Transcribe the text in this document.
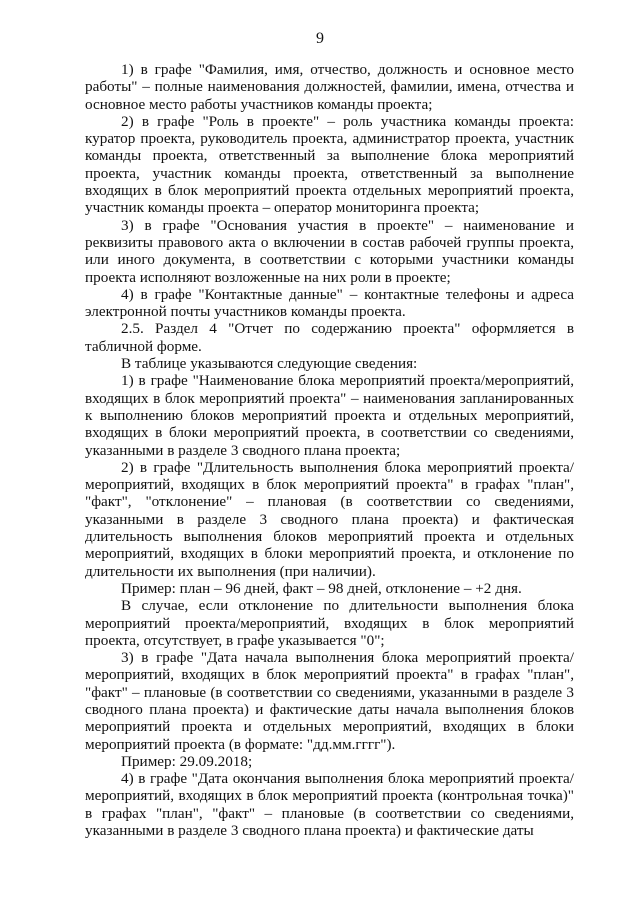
9

1) в графе "Фамилия, имя, отчество, должность и основное место работы" – полные наименования должностей, фамилии, имена, отчества и основное место работы участников команды проекта;

2) в графе "Роль в проекте" – роль участника команды проекта: куратор проекта, руководитель проекта, администратор проекта, участник команды проекта, ответственный за выполнение блока мероприятий проекта, участник команды проекта, ответственный за выполнение входящих в блок мероприятий проекта отдельных мероприятий проекта, участник команды проекта – оператор мониторинга проекта;

3) в графе "Основания участия в проекте" – наименование и реквизиты правового акта о включении в состав рабочей группы проекта, или иного документа, в соответствии с которыми участники команды проекта исполняют возложенные на них роли в проекте;

4) в графе "Контактные данные" – контактные телефоны и адреса электронной почты участников команды проекта.

2.5. Раздел 4 "Отчет по содержанию проекта" оформляется в табличной форме.

В таблице указываются следующие сведения:

1) в графе "Наименование блока мероприятий проекта/мероприятий, входящих в блок мероприятий проекта" – наименования запланированных к выполнению блоков мероприятий проекта и отдельных мероприятий, входящих в блоки мероприятий проекта, в соответствии со сведениями, указанными в разделе 3 сводного плана проекта;

2) в графе "Длительность выполнения блока мероприятий проекта/ мероприятий, входящих в блок мероприятий проекта" в графах "план", "факт", "отклонение" – плановая (в соответствии со сведениями, указанными в разделе 3 сводного плана проекта) и фактическая длительность выполнения блоков мероприятий проекта и отдельных мероприятий, входящих в блоки мероприятий проекта, и отклонение по длительности их выполнения (при наличии).

Пример: план – 96 дней, факт – 98 дней, отклонение – +2 дня.

В случае, если отклонение по длительности выполнения блока мероприятий проекта/мероприятий, входящих в блок мероприятий проекта, отсутствует, в графе указывается "0";

3) в графе "Дата начала выполнения блока мероприятий проекта/ мероприятий, входящих в блок мероприятий проекта" в графах "план", "факт" – плановые (в соответствии со сведениями, указанными в разделе 3 сводного плана проекта) и фактические даты начала выполнения блоков мероприятий проекта и отдельных мероприятий, входящих в блоки мероприятий проекта (в формате: "дд.мм.гггг").

Пример: 29.09.2018;

4) в графе "Дата окончания выполнения блока мероприятий проекта/ мероприятий, входящих в блок мероприятий проекта (контрольная точка)" в графах "план", "факт" – плановые (в соответствии со сведениями, указанными в разделе 3 сводного плана проекта) и фактические даты
